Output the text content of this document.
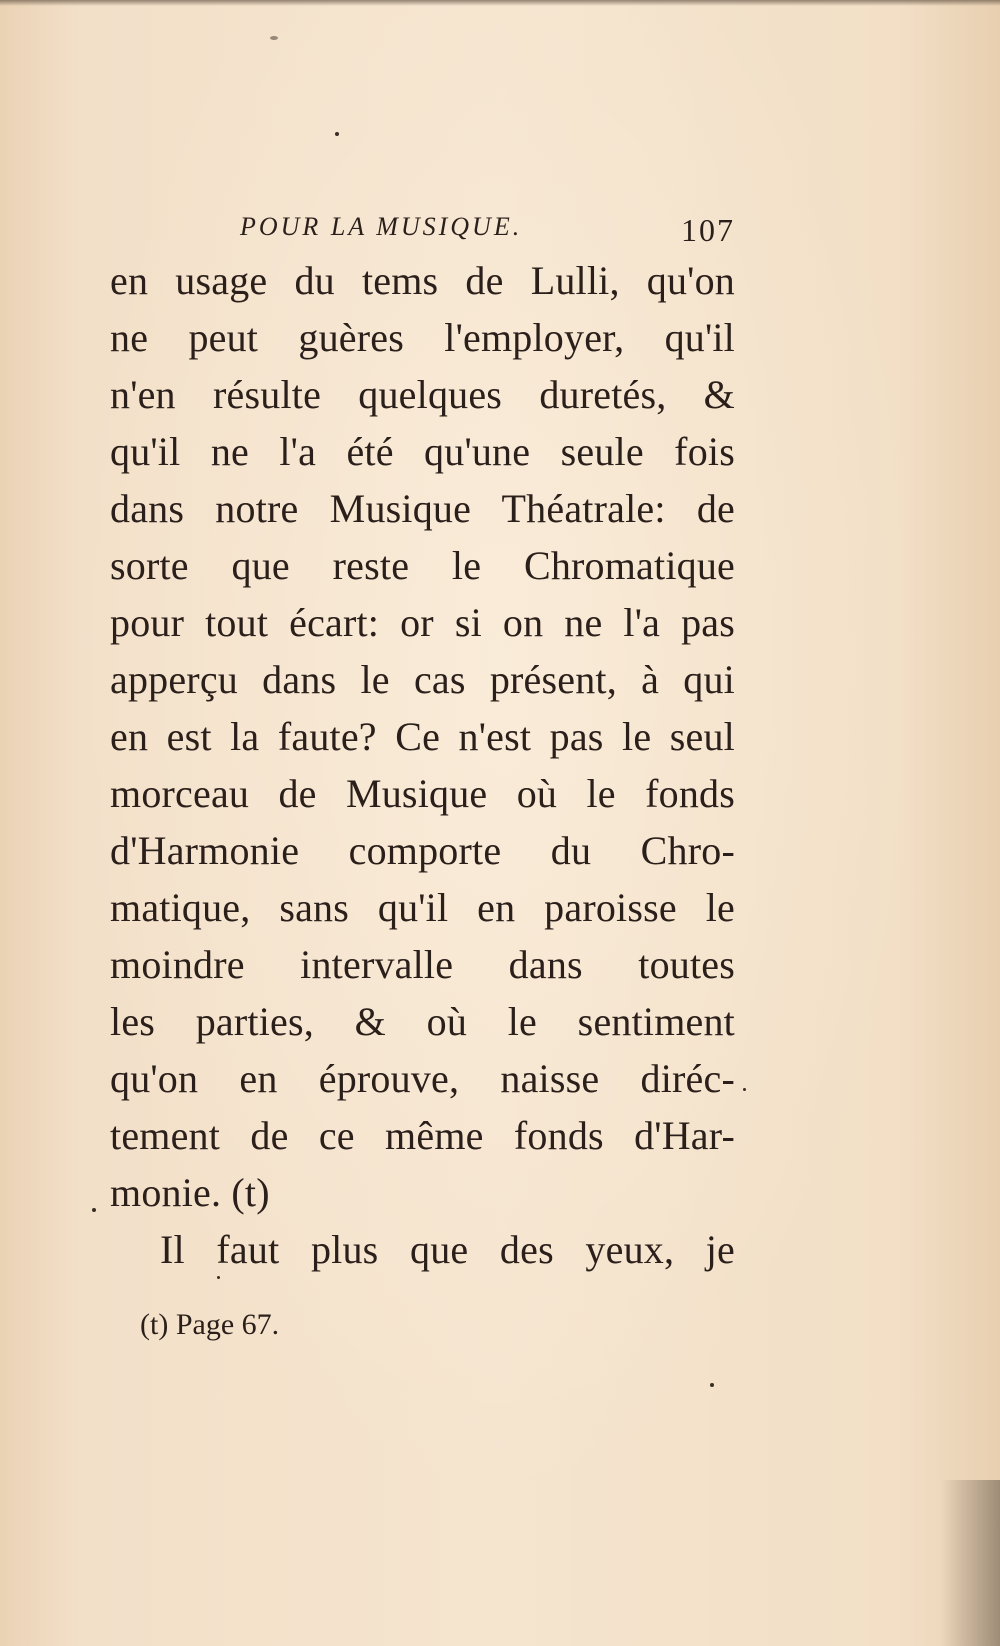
POUR LA MUSIQUE.	107
en usage du tems de Lulli, qu'on
ne peut guères l'employer, qu'il
n'en résulte quelques duretés, &
qu'il ne l'a été qu'une seule fois
dans notre Musique Théatrale: de
sorte que reste le Chromatique
pour tout écart: or si on ne l'a pas
apperçu dans le cas présent, à qui
en est la faute? Ce n'est pas le seul
morceau de Musique où le fonds
d'Harmonie comporte du Chro-
matique, sans qu'il en paroisse le
moindre intervalle dans toutes
les parties, & où le sentiment
qu'on en éprouve, naisse diréc-
tement de ce même fonds d'Har-
monie. (t)
Il faut plus que des yeux, je
(t) Page 67.
